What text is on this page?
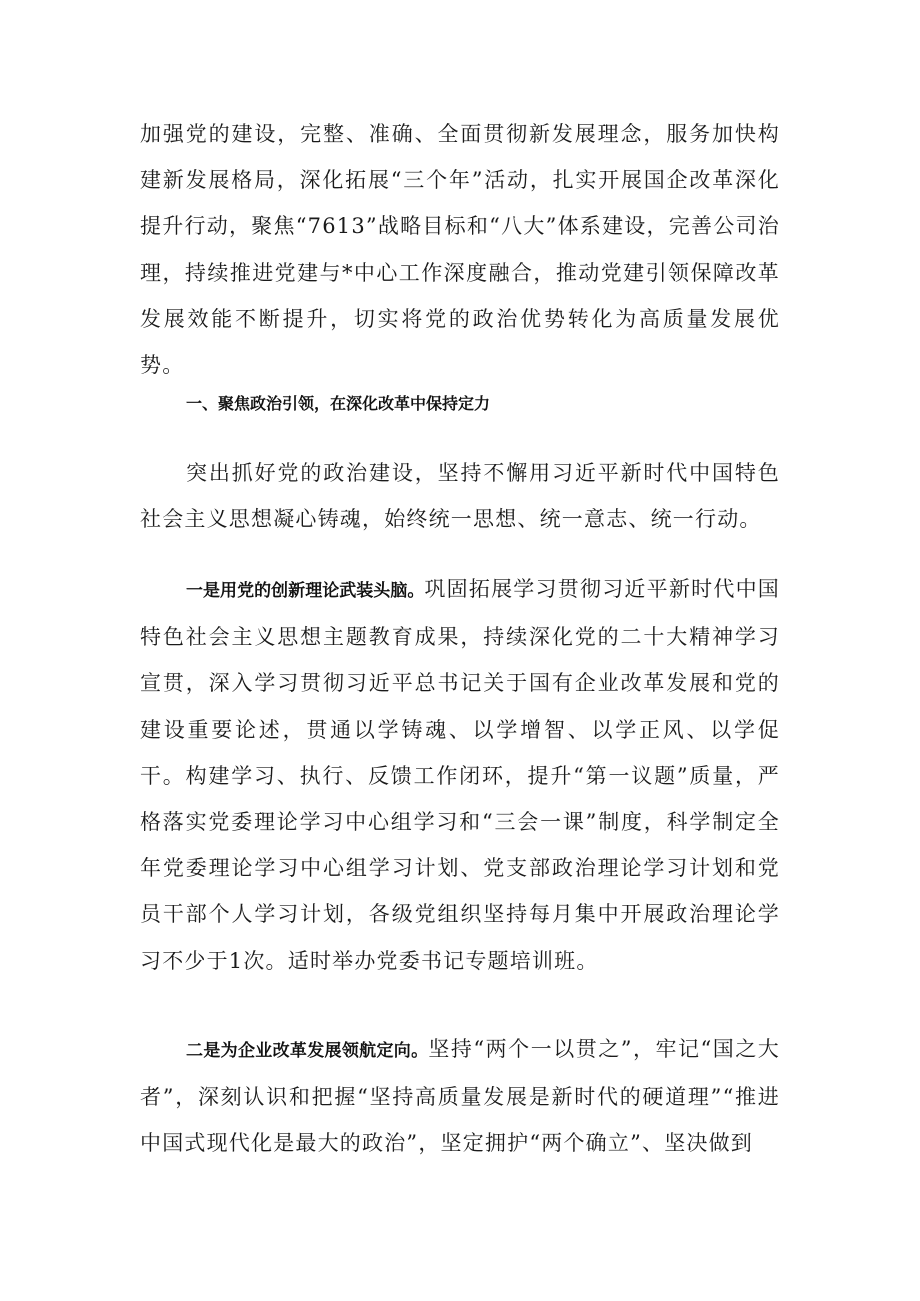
加强党的建设，完整、准确、全面贯彻新发展理念，服务加快构建新发展格局，深化拓展“三个年”活动，扎实开展国企改革深化提升行动，聚焦“7613”战略目标和“八大”体系建设，完善公司治理，持续推进党建与*中心工作深度融合，推动党建引领保障改革发展效能不断提升，切实将党的政治优势转化为高质量发展优势。

一、聚焦政治引领，在深化改革中保持定力

突出抓好党的政治建设，坚持不懈用习近平新时代中国特色社会主义思想凝心铸魂，始终统一思想、统一意志、统一行动。

一是用党的创新理论武装头脑。巩固拓展学习贯彻习近平新时代中国特色社会主义思想主题教育成果，持续深化党的二十大精神学习宣贯，深入学习贯彻习近平总书记关于国有企业改革发展和党的建设重要论述，贯通以学铸魂、以学增智、以学正风、以学促干。构建学习、执行、反馈工作闭环，提升“第一议题”质量，严格落实党委理论学习中心组学习和“三会一课”制度，科学制定全年党委理论学习中心组学习计划、党支部政治理论学习计划和党员干部个人学习计划，各级党组织坚持每月集中开展政治理论学习不少于1次。适时举办党委书记专题培训班。

二是为企业改革发展领航定向。坚持“两个一以贯之”，牢记“国之大者”，深刻认识和把握“坚持高质量发展是新时代的硬道理”“推进中国式现代化是最大的政治”，坚定拥护“两个确立”、坚决做到
